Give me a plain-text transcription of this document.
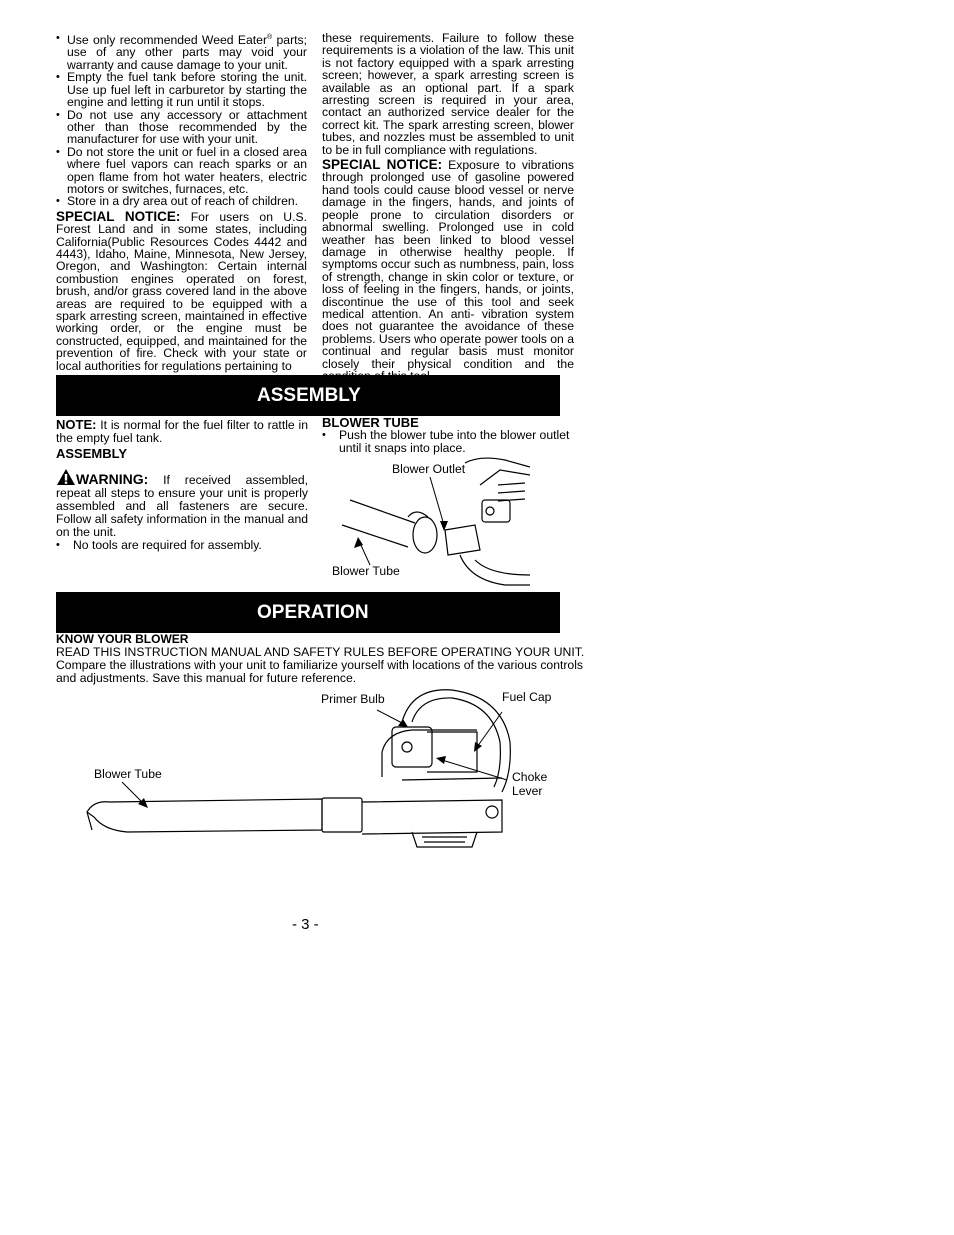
• Use only recommended Weed Eater® parts; use of any other parts may void your warranty and cause damage to your unit.
• Empty the fuel tank before storing the unit. Use up fuel left in carburetor by starting the engine and letting it run until it stops.
• Do not use any accessory or attachment other than those recommended by the manufacturer for use with your unit.
• Do not store the unit or fuel in a closed area where fuel vapors can reach sparks or an open flame from hot water heaters, electric motors or switches, furnaces, etc.
• Store in a dry area out of reach of children.

SPECIAL NOTICE: For users on U.S. Forest Land and in some states, including California(Public Resources Codes 4442 and 4443), Idaho, Maine, Minnesota, New Jersey, Oregon, and Washington: Certain internal combustion engines operated on forest, brush, and/or grass covered land in the above areas are required to be equipped with a spark arresting screen, maintained in effective working order, or the engine must be constructed, equipped, and maintained for the prevention of fire. Check with your state or local authorities for regulations pertaining to

these requirements. Failure to follow these requirements is a violation of the law. This unit is not factory equipped with a spark arresting screen; however, a spark arresting screen is available as an optional part. If a spark arresting screen is required in your area, contact an authorized service dealer for the correct kit. The spark arresting screen, blower tubes, and nozzles must be assembled to unit to be in full compliance with regulations.

SPECIAL NOTICE: Exposure to vibrations through prolonged use of gasoline powered hand tools could cause blood vessel or nerve damage in the fingers, hands, and joints of people prone to circulation disorders or abnormal swelling. Prolonged use in cold weather has been linked to blood vessel damage in otherwise healthy people. If symptoms occur such as numbness, pain, loss of strength, change in skin color or texture, or loss of feeling in the fingers, hands, or joints, discontinue the use of this tool and seek medical attention. An anti- vibration system does not guarantee the avoidance of these problems. Users who operate power tools on a continual and regular basis must monitor closely their physical condition and the

ASSEMBLY

NOTE: It is normal for the fuel filter to rattle in the empty fuel tank.

ASSEMBLY

WARNING: If received assembled, repeat all steps to ensure your unit is properly assembled and all fasteners are secure. Follow all safety information in the manual and on the unit.

• No tools are required for assembly.

BLOWER TUBE

• Push the blower tube into the blower outlet until it snaps into place.
Blower Outlet
Blower Tube
OPERATION

KNOW YOUR BLOWER

READ THIS INSTRUCTION MANUAL AND SAFETY RULES BEFORE OPERATING YOUR UNIT. Compare the illustrations with your unit to familiarize yourself with locations of the various controls and adjustments. Save this manual for future reference.

Primer Bulb	Fuel Cap
Blower Tube	Choke
Lever
- 3 -
